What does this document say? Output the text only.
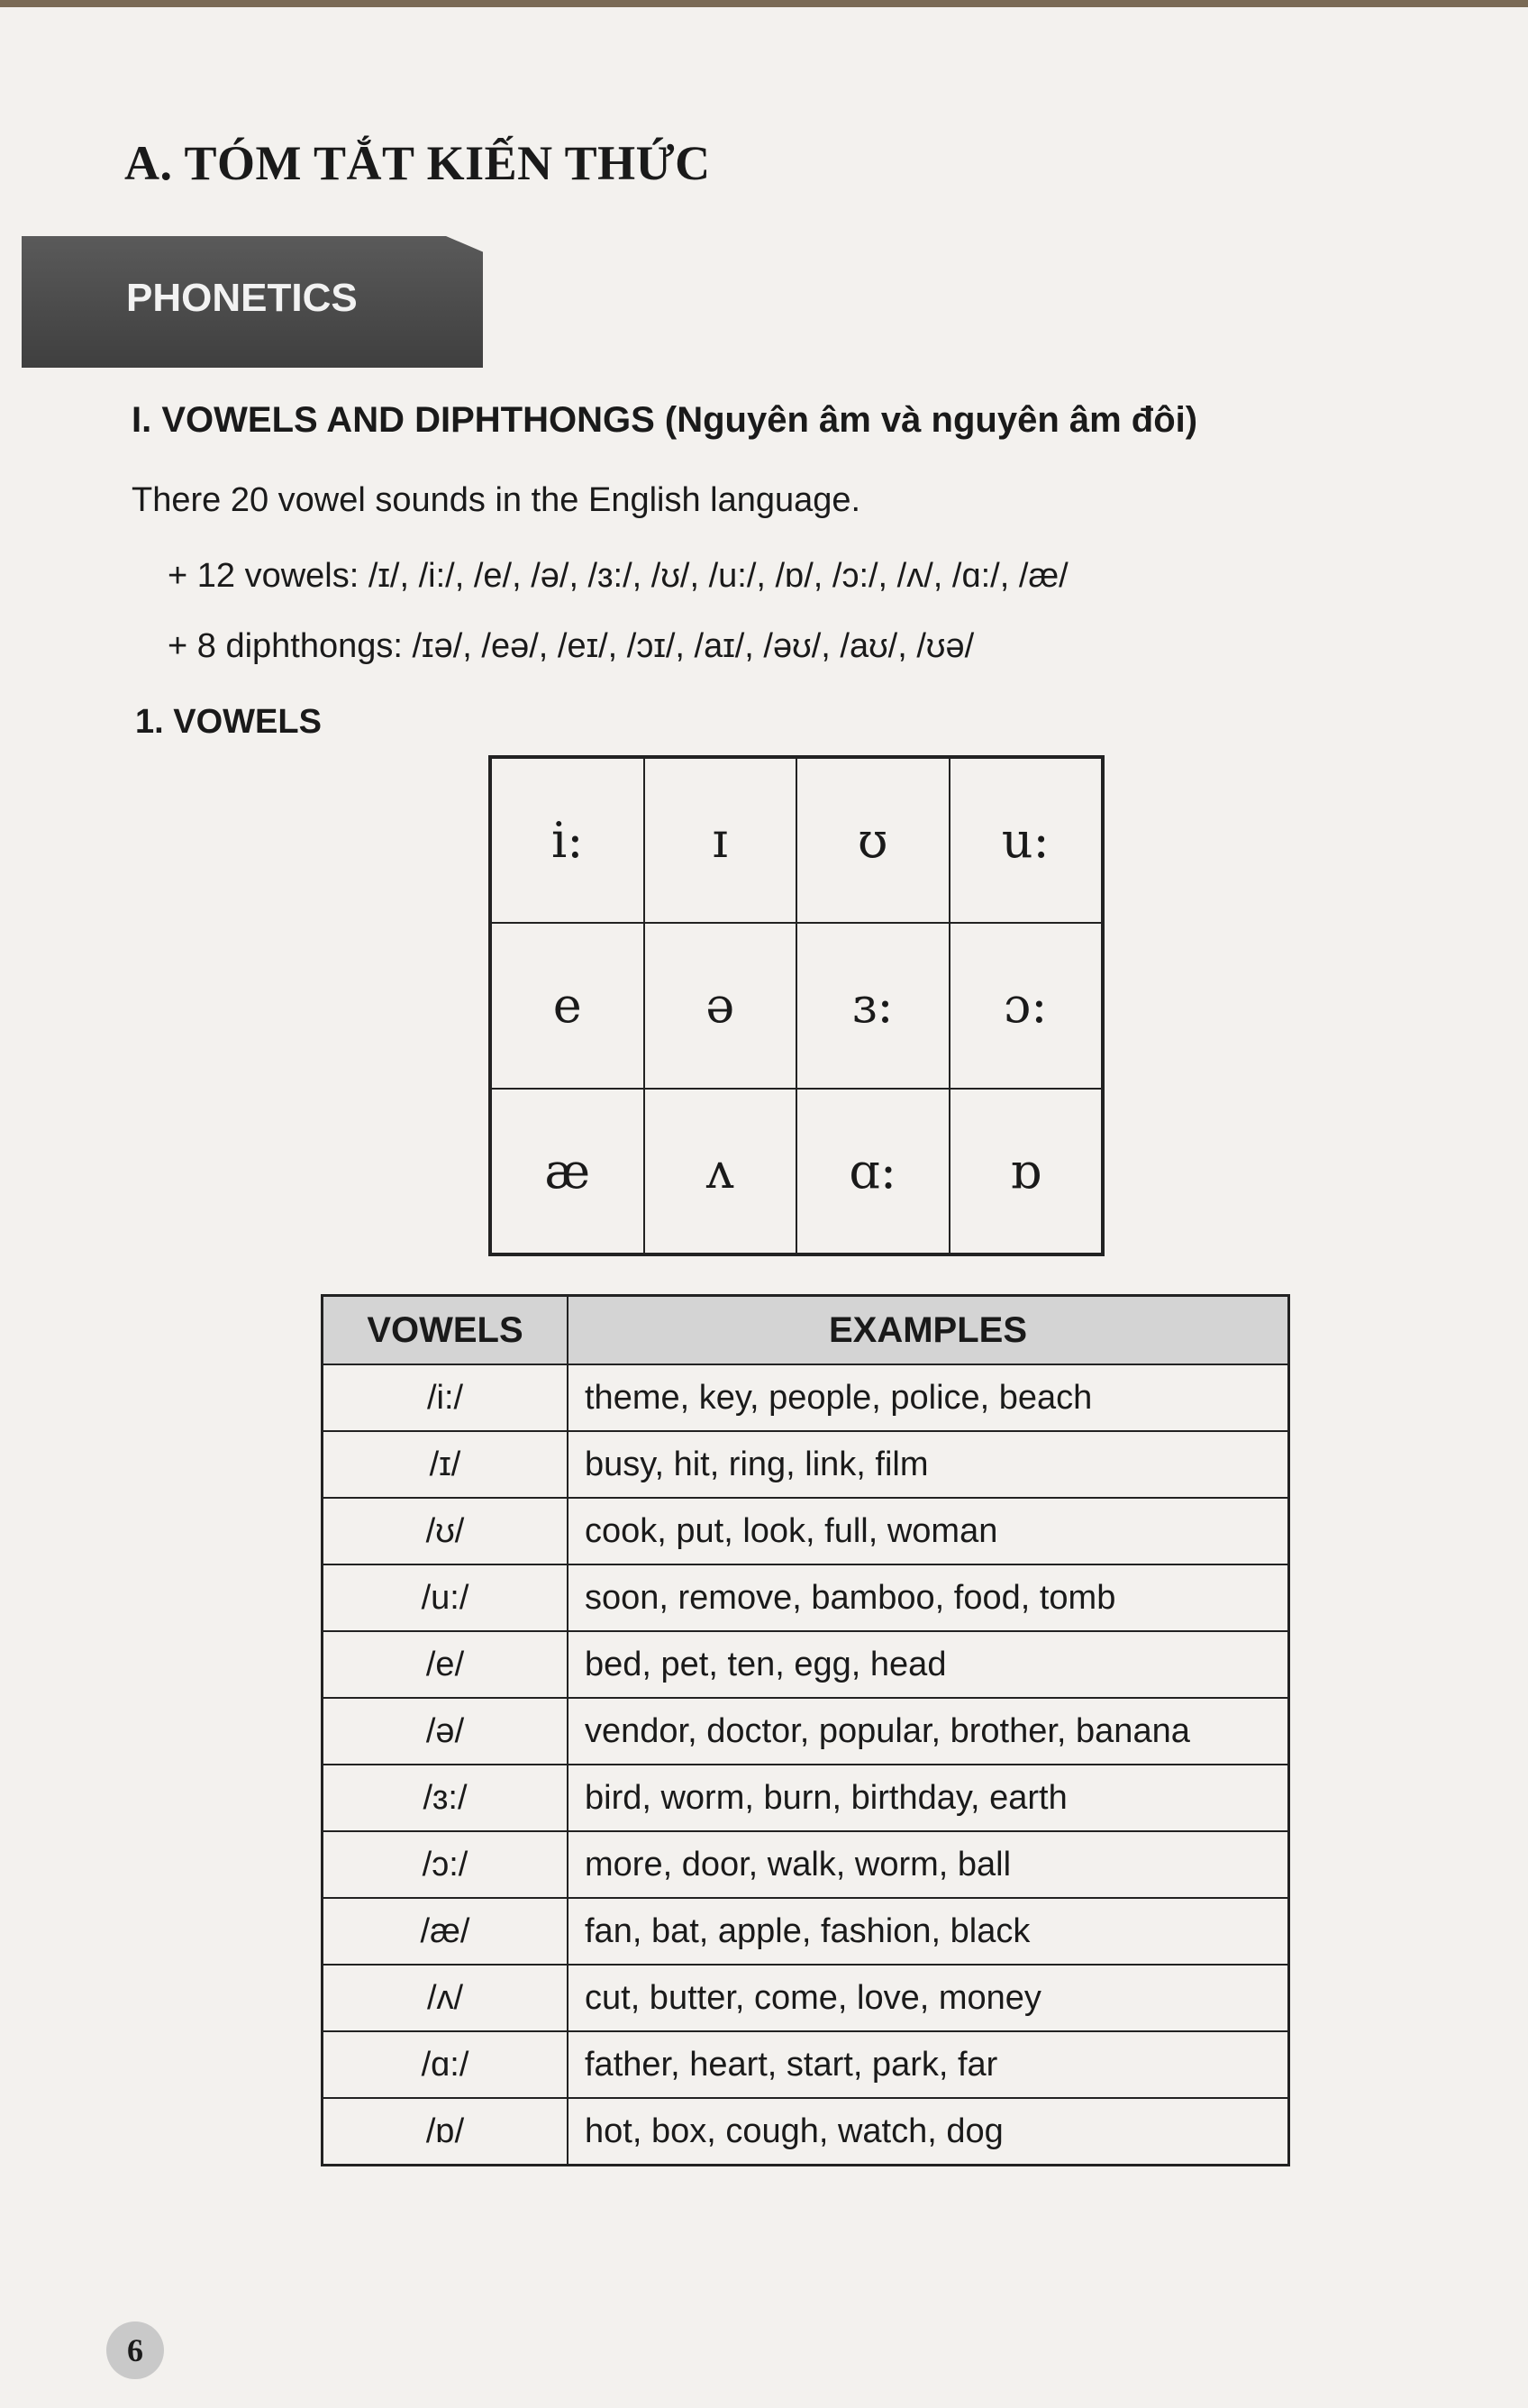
A. TÓM TẮT KIẾN THỨC
PHONETICS
I. VOWELS AND DIPHTHONGS (Nguyên âm và nguyên âm đôi)

There 20 vowel sounds in the English language.

+ 12 vowels: /ɪ/, /i:/, /e/, /ə/, /ɜ:/, /ʊ/, /u:/, /ɒ/, /ɔ:/, /ʌ/, /ɑ:/, /æ/

+ 8 diphthongs: /ɪə/, /eə/, /eɪ/, /ɔɪ/, /aɪ/, /əʊ/, /aʊ/, /ʊə/

1. VOWELS
i:	ɪ	ʊ	u:
e	ə	ɜ:	ɔ:
æ	ʌ	ɑ:	ɒ
VOWELS	EXAMPLES
/i:/	theme, key, people, police, beach
/ɪ/	busy, hit, ring, link, film
/ʊ/	cook, put, look, full, woman
/u:/	soon, remove, bamboo, food, tomb
/e/	bed, pet, ten, egg, head
/ə/	vendor, doctor, popular, brother, banana
/ɜ:/	bird, worm, burn, birthday, earth
/ɔ:/	more, door, walk, worm, ball
/æ/	fan, bat, apple, fashion, black
/ʌ/	cut, butter, come, love, money
/ɑ:/	father, heart, start, park, far
/ɒ/	hot, box, cough, watch, dog
6
